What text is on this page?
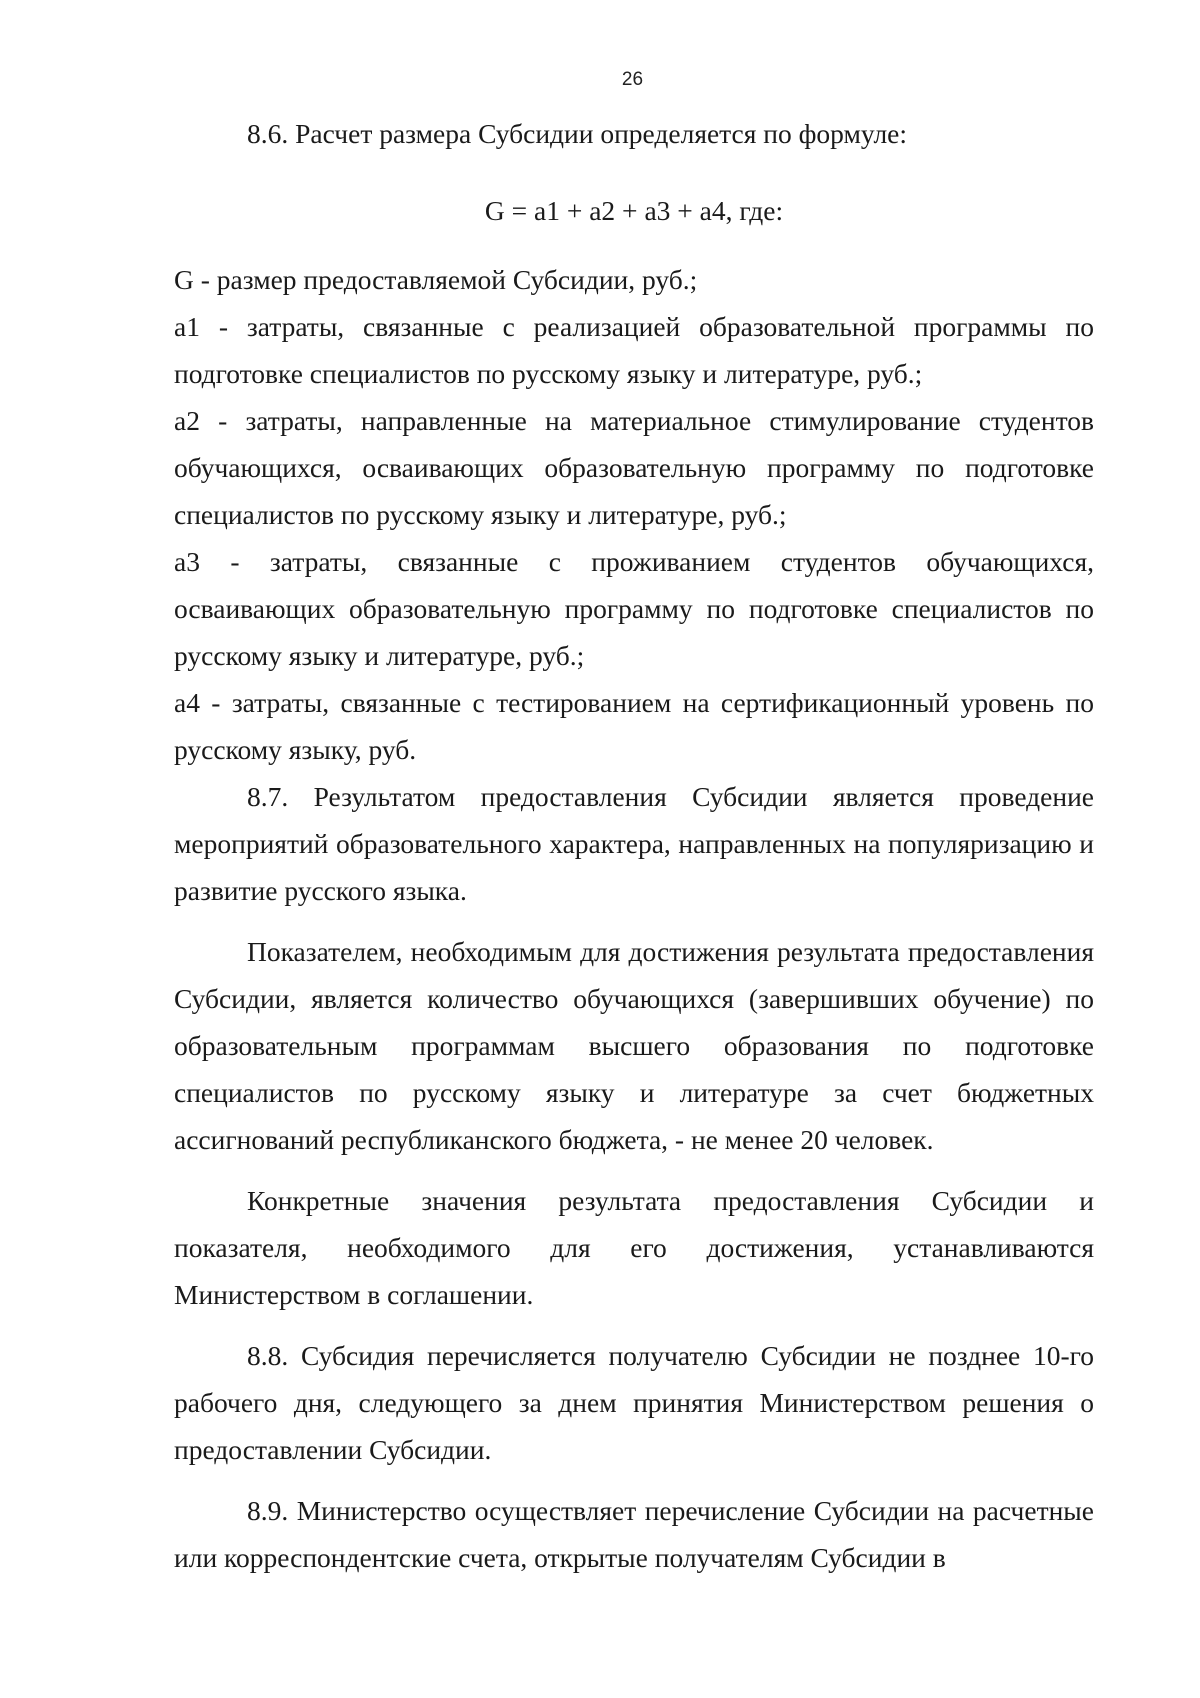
26

8.6. Расчет размера Субсидии определяется по формуле:

G = a1 + a2 + a3 + a4, где:

G - размер предоставляемой Субсидии, руб.;

a1 - затраты, связанные с реализацией образовательной программы по подготовке специалистов по русскому языку и литературе, руб.;

a2 - затраты, направленные на материальное стимулирование студентов обучающихся, осваивающих образовательную программу по подготовке специалистов по русскому языку и литературе, руб.;

a3 - затраты, связанные с проживанием студентов обучающихся, осваивающих образовательную программу по подготовке специалистов по русскому языку и литературе, руб.;

a4 - затраты, связанные с тестированием на сертификационный уровень по русскому языку, руб.

8.7. Результатом предоставления Субсидии является проведение мероприятий образовательного характера, направленных на популяризацию и развитие русского языка.

Показателем, необходимым для достижения результата предоставления Субсидии, является количество обучающихся (завершивших обучение) по образовательным программам высшего образования по подготовке специалистов по русскому языку и литературе за счет бюджетных ассигнований республиканского бюджета, - не менее 20 человек.

Конкретные значения результата предоставления Субсидии и показателя, необходимого для его достижения, устанавливаются Министерством в соглашении.

8.8. Субсидия перечисляется получателю Субсидии не позднее 10-го рабочего дня, следующего за днем принятия Министерством решения о предоставлении Субсидии.

8.9. Министерство осуществляет перечисление Субсидии на расчетные или корреспондентские счета, открытые получателям Субсидии в
